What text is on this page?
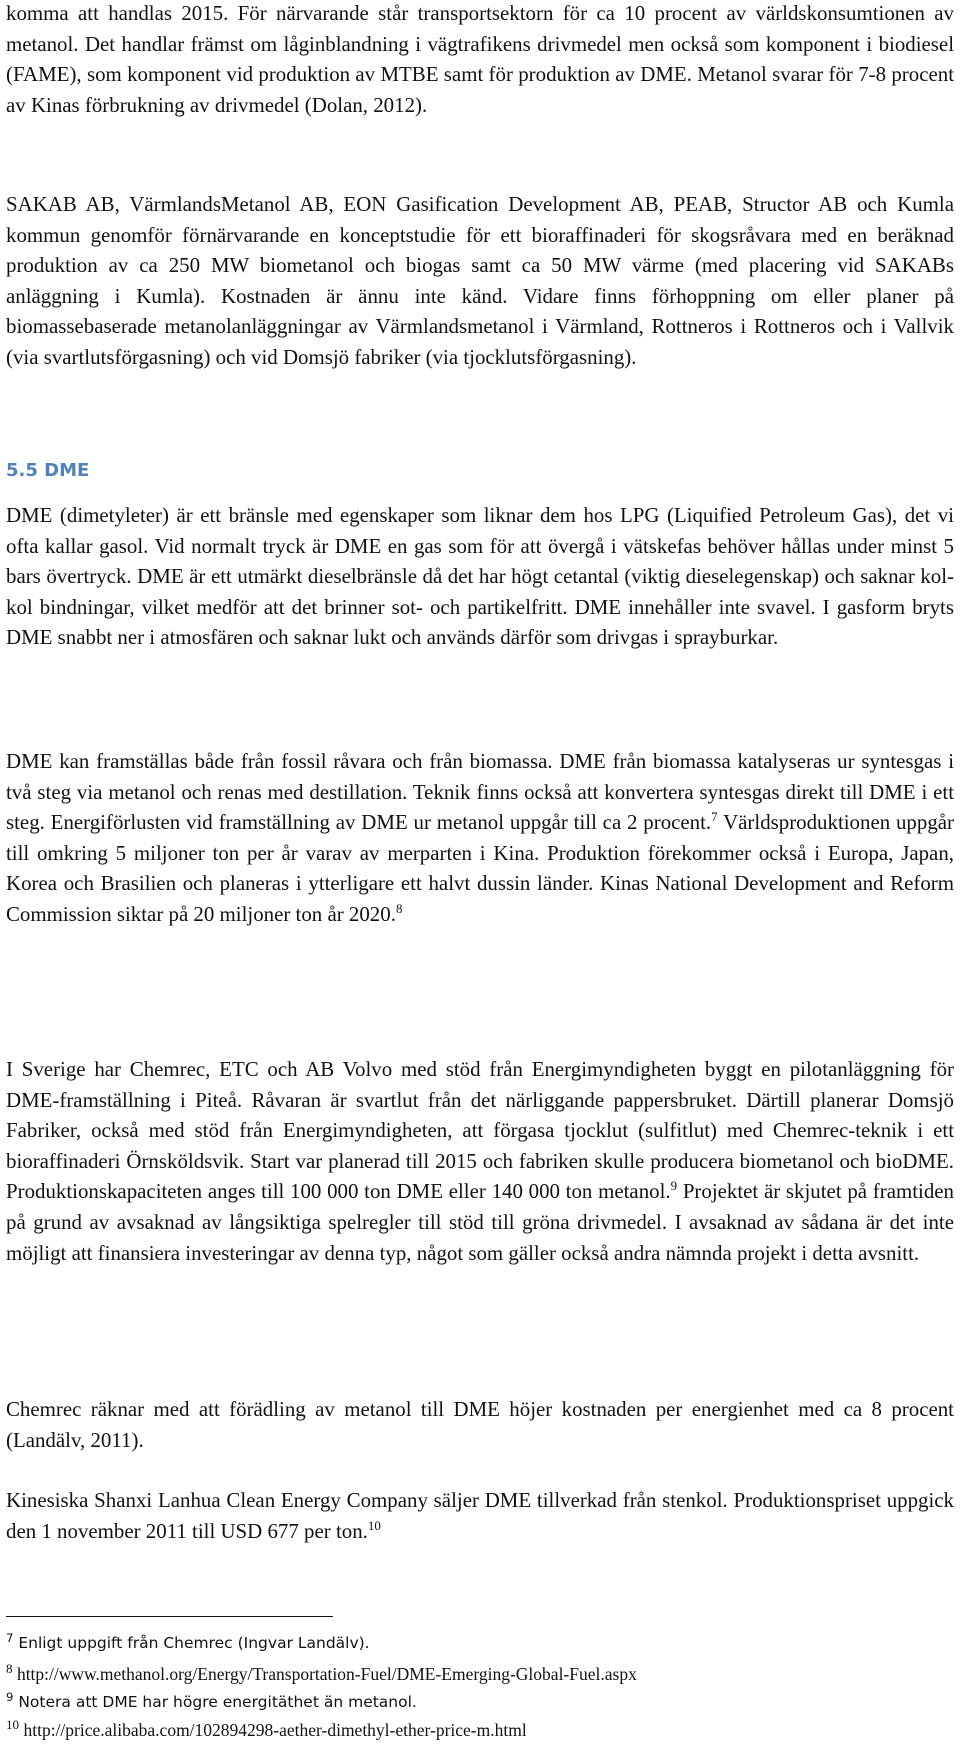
komma att handlas 2015. För närvarande står transportsektorn för ca 10 procent av världskonsumtionen av metanol. Det handlar främst om låginblandning i vägtrafikens drivmedel men också som komponent i biodiesel (FAME), som komponent vid produktion av MTBE samt för produktion av DME. Metanol svarar för 7-8 procent av Kinas förbrukning av drivmedel (Dolan, 2012).

SAKAB AB, VärmlandsMetanol AB, EON Gasification Development AB, PEAB, Structor AB och Kumla kommun genomför förnärvarande en konceptstudie för ett bioraffinaderi för skogsråvara med en beräknad produktion av ca 250 MW biometanol och biogas samt ca 50 MW värme (med placering vid SAKABs anläggning i Kumla). Kostnaden är ännu inte känd. Vidare finns förhoppning om eller planer på biomassebaserade metanolanläggningar av Värmlandsmetanol i Värmland, Rottneros i Rottneros och i Vallvik (via svartlutsförgasning) och vid Domsjö fabriker (via tjocklutsförgasning).

5.5 DME

DME (dimetyleter) är ett bränsle med egenskaper som liknar dem hos LPG (Liquified Petroleum Gas), det vi ofta kallar gasol. Vid normalt tryck är DME en gas som för att övergå i vätskefas behöver hållas under minst 5 bars övertryck. DME är ett utmärkt dieselbränsle då det har högt cetantal (viktig dieselegenskap) och saknar kol-kol bindningar, vilket medför att det brinner sot- och partikelfritt. DME innehåller inte svavel. I gasform bryts DME snabbt ner i atmosfären och saknar lukt och används därför som drivgas i sprayburkar.

DME kan framställas både från fossil råvara och från biomassa. DME från biomassa katalyseras ur syntesgas i två steg via metanol och renas med destillation. Teknik finns också att konvertera syntesgas direkt till DME i ett steg. Energiförlusten vid framställning av DME ur metanol uppgår till ca 2 procent.$^7$ Världsproduktionen uppgår till omkring 5 miljoner ton per år varav av merparten i Kina. Produktion förekommer också i Europa, Japan, Korea och Brasilien och planeras i ytterligare ett halvt dussin länder. Kinas National Development and Reform Commission siktar på 20 miljoner ton år 2020.$^8$

I Sverige har Chemrec, ETC och AB Volvo med stöd från Energimyndigheten byggt en pilotanläggning för DME-framställning i Piteå. Råvaran är svartlut från det närliggande pappersbruket. Därtill planerar Domsjö Fabriker, också med stöd från Energimyndigheten, att förgasa tjocklut (sulfitlut) med Chemrec-teknik i ett bioraffinaderi Örnsköldsvik. Start var planerad till 2015 och fabriken skulle producera biometanol och bioDME. Produktionskapaciteten anges till 100 000 ton DME eller 140 000 ton metanol.$^9$ Projektet är skjutet på framtiden på grund av avsaknad av långsiktiga spelregler till stöd till gröna drivmedel. I avsaknad av sådana är det inte möjligt att finansiera investeringar av denna typ, något som gäller också andra nämnda projekt i detta avsnitt.

Chemrec räknar med att förädling av metanol till DME höjer kostnaden per energienhet med ca 8 procent (Landälv, 2011).

Kinesiska Shanxi Lanhua Clean Energy Company säljer DME tillverkad från stenkol. Produktionspriset uppgick den 1 november 2011 till USD 677 per ton.$^{10}$

$^7$ Enligt uppgift från Chemrec (Ingvar Landälv).

$^8$ http://www.methanol.org/Energy/Transportation-Fuel/DME-Emerging-Global-Fuel.aspx

$^9$ Notera att DME har högre energitäthet än metanol.

$^{10}$ http://price.alibaba.com/102894298-aether-dimethyl-ether-price-m.html
